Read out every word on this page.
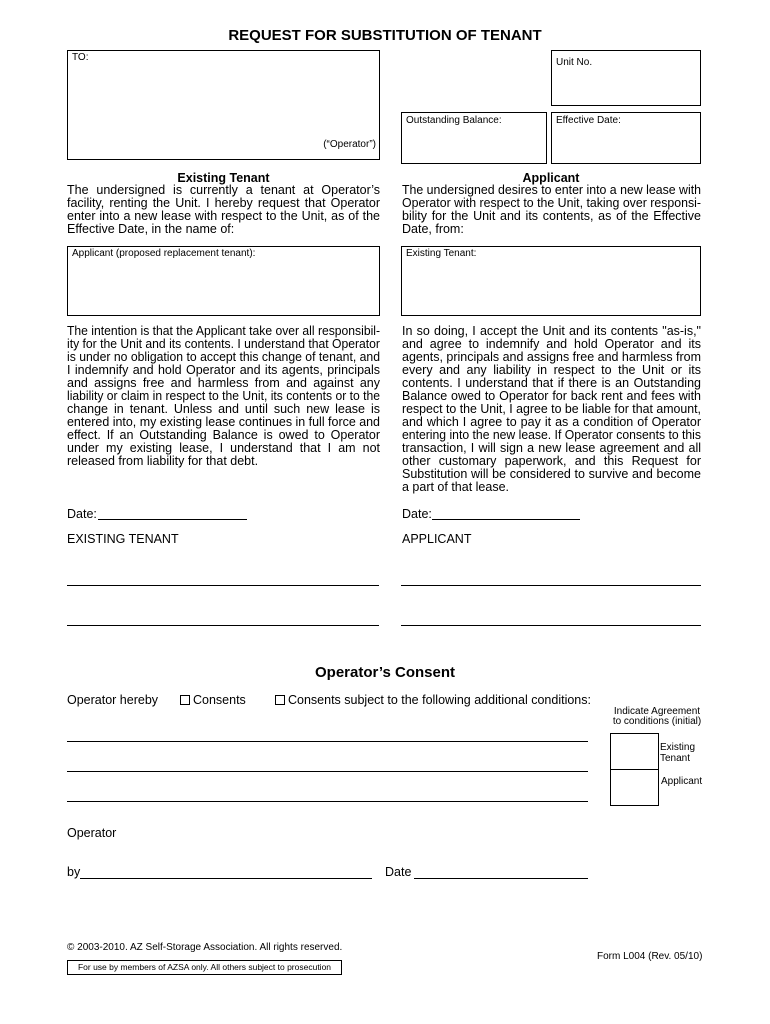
REQUEST FOR SUBSTITUTION OF TENANT
TO:
(“Operator”)
Unit No.
Outstanding Balance:	Effective Date:
Existing Tenant	Applicant
The undersigned is currently a tenant at Operator’s
facility, renting the Unit. I hereby request that Operator
enter into a new lease with respect to the Unit, as of the
Effective Date, in the name of:
The undersigned desires to enter into a new lease with
Operator with respect to the Unit, taking over responsi-
bility for the Unit and its contents, as of the Effective
Date, from:
Applicant (proposed replacement tenant):	Existing Tenant:
The intention is that the Applicant take over all responsibil-
ity for the Unit and its contents. I understand that Operator
is under no obligation to accept this change of tenant, and
I indemnify and hold Operator and its agents, principals
and assigns free and harmless from and against any
liability or claim in respect to the Unit, its contents or to the
change in tenant. Unless and until such new lease is
entered into, my existing lease continues in full force and
effect. If an Outstanding Balance is owed to Operator
under my existing lease, I understand that I am not
released from liability for that debt.
In so doing, I accept the Unit and its contents "as-is,"
and agree to indemnify and hold Operator and its
agents, principals and assigns free and harmless from
every and any liability in respect to the Unit or its
contents. I understand that if there is an Outstanding
Balance owed to Operator for back rent and fees with
respect to the Unit, I agree to be liable for that amount,
and which I agree to pay it as a condition of Operator
entering into the new lease. If Operator consents to this
transaction, I will sign a new lease agreement and all
other customary paperwork, and this Request for
Substitution will be considered to survive and become
a part of that lease.
Date:	Date:
EXISTING TENANT	APPLICANT
Operator’s Consent
Operator hereby	Consents	Consents subject to the following additional conditions:
Indicate Agreement
to conditions (initial)
Existing
Tenant
Applicant
Operator
by	Date
© 2003-2010. AZ Self-Storage Association. All rights reserved.
For use by members of AZSA only. All others subject to prosecution
Form L004 (Rev. 05/10)
